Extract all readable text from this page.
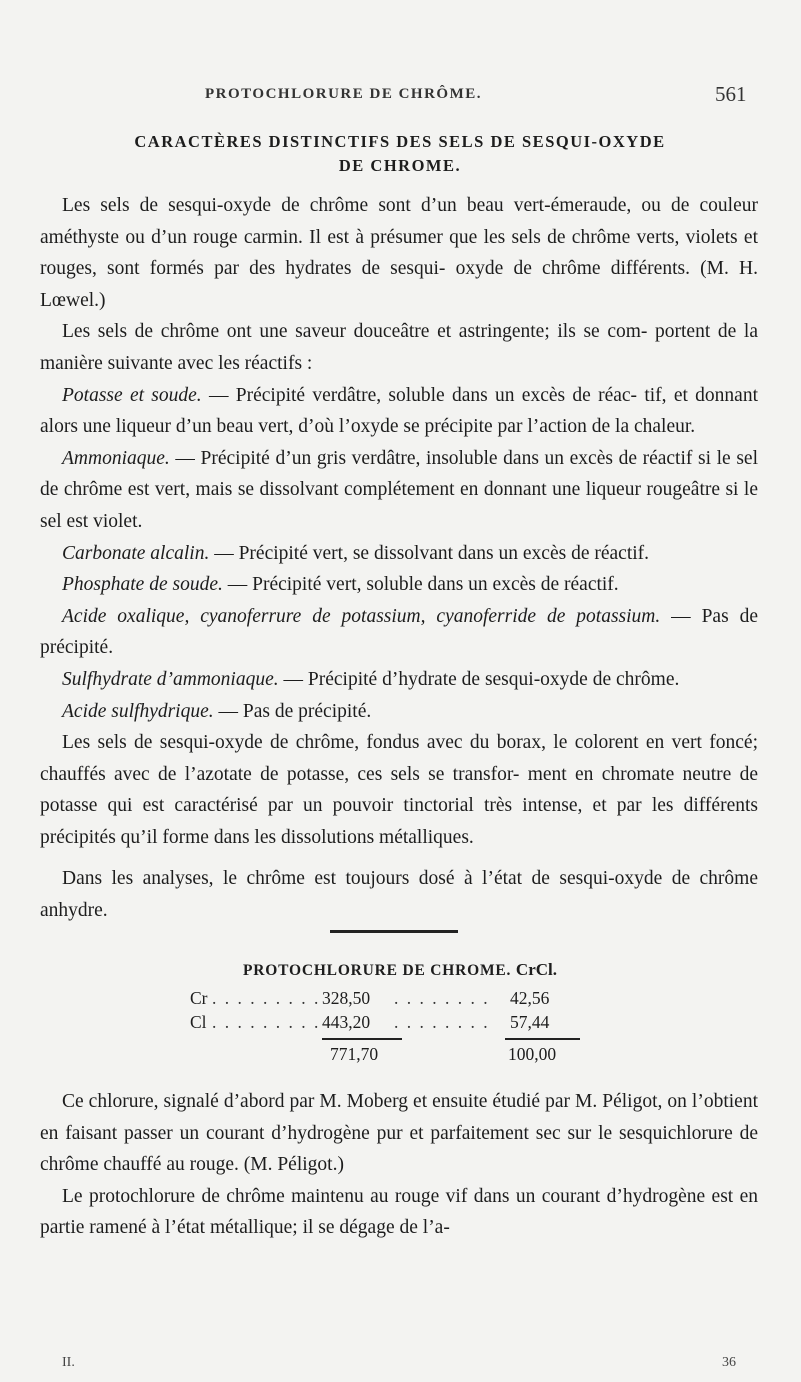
PROTOCHLORURE DE CHRÔME.	561
CARACTÈRES DISTINCTIFS DES SELS DE SESQUI-OXYDE
DE CHROME.

Les sels de sesqui-oxyde de chrôme sont d’un beau vert-émeraude, ou de couleur améthyste ou d’un rouge carmin. Il est à présumer que les sels de chrôme verts, violets et rouges, sont formés par des hydrates de sesqui- oxyde de chrôme différents. (M. H. Lœwel.)

Les sels de chrôme ont une saveur douceâtre et astringente; ils se com- portent de la manière suivante avec les réactifs :

Potasse et soude. — Précipité verdâtre, soluble dans un excès de réac- tif, et donnant alors une liqueur d’un beau vert, d’où l’oxyde se précipite par l’action de la chaleur.

Ammoniaque. — Précipité d’un gris verdâtre, insoluble dans un excès de réactif si le sel de chrôme est vert, mais se dissolvant complétement en donnant une liqueur rougeâtre si le sel est violet.

Carbonate alcalin. — Précipité vert, se dissolvant dans un excès de réactif.

Phosphate de soude. — Précipité vert, soluble dans un excès de réactif.

Acide oxalique, cyanoferrure de potassium, cyanoferride de potassium. — Pas de précipité.

Sulfhydrate d’ammoniaque. — Précipité d’hydrate de sesqui-oxyde de chrôme.

Acide sulfhydrique. — Pas de précipité.

Les sels de sesqui-oxyde de chrôme, fondus avec du borax, le colorent en vert foncé; chauffés avec de l’azotate de potasse, ces sels se transfor- ment en chromate neutre de potasse qui est caractérisé par un pouvoir tinctorial très intense, et par les différents précipités qu’il forme dans les dissolutions métalliques.

Dans les analyses, le chrôme est toujours dosé à l’état de sesqui-oxyde de chrôme anhydre.

PROTOCHLORURE DE CHROME. CrCl.
Cr . . . . . . . . . 328,50 . . . . . . . . 42,56
Cl . . . . . . . . . 443,20 . . . . . . . . 57,44
771,70	100,00

Ce chlorure, signalé d’abord par M. Moberg et ensuite étudié par M. Péligot, on l’obtient en faisant passer un courant d’hydrogène pur et parfaitement sec sur le sesquichlorure de chrôme chauffé au rouge. (M. Péligot.)

Le protochlorure de chrôme maintenu au rouge vif dans un courant d’hydrogène est en partie ramené à l’état métallique; il se dégage de l’a-

II.	36
